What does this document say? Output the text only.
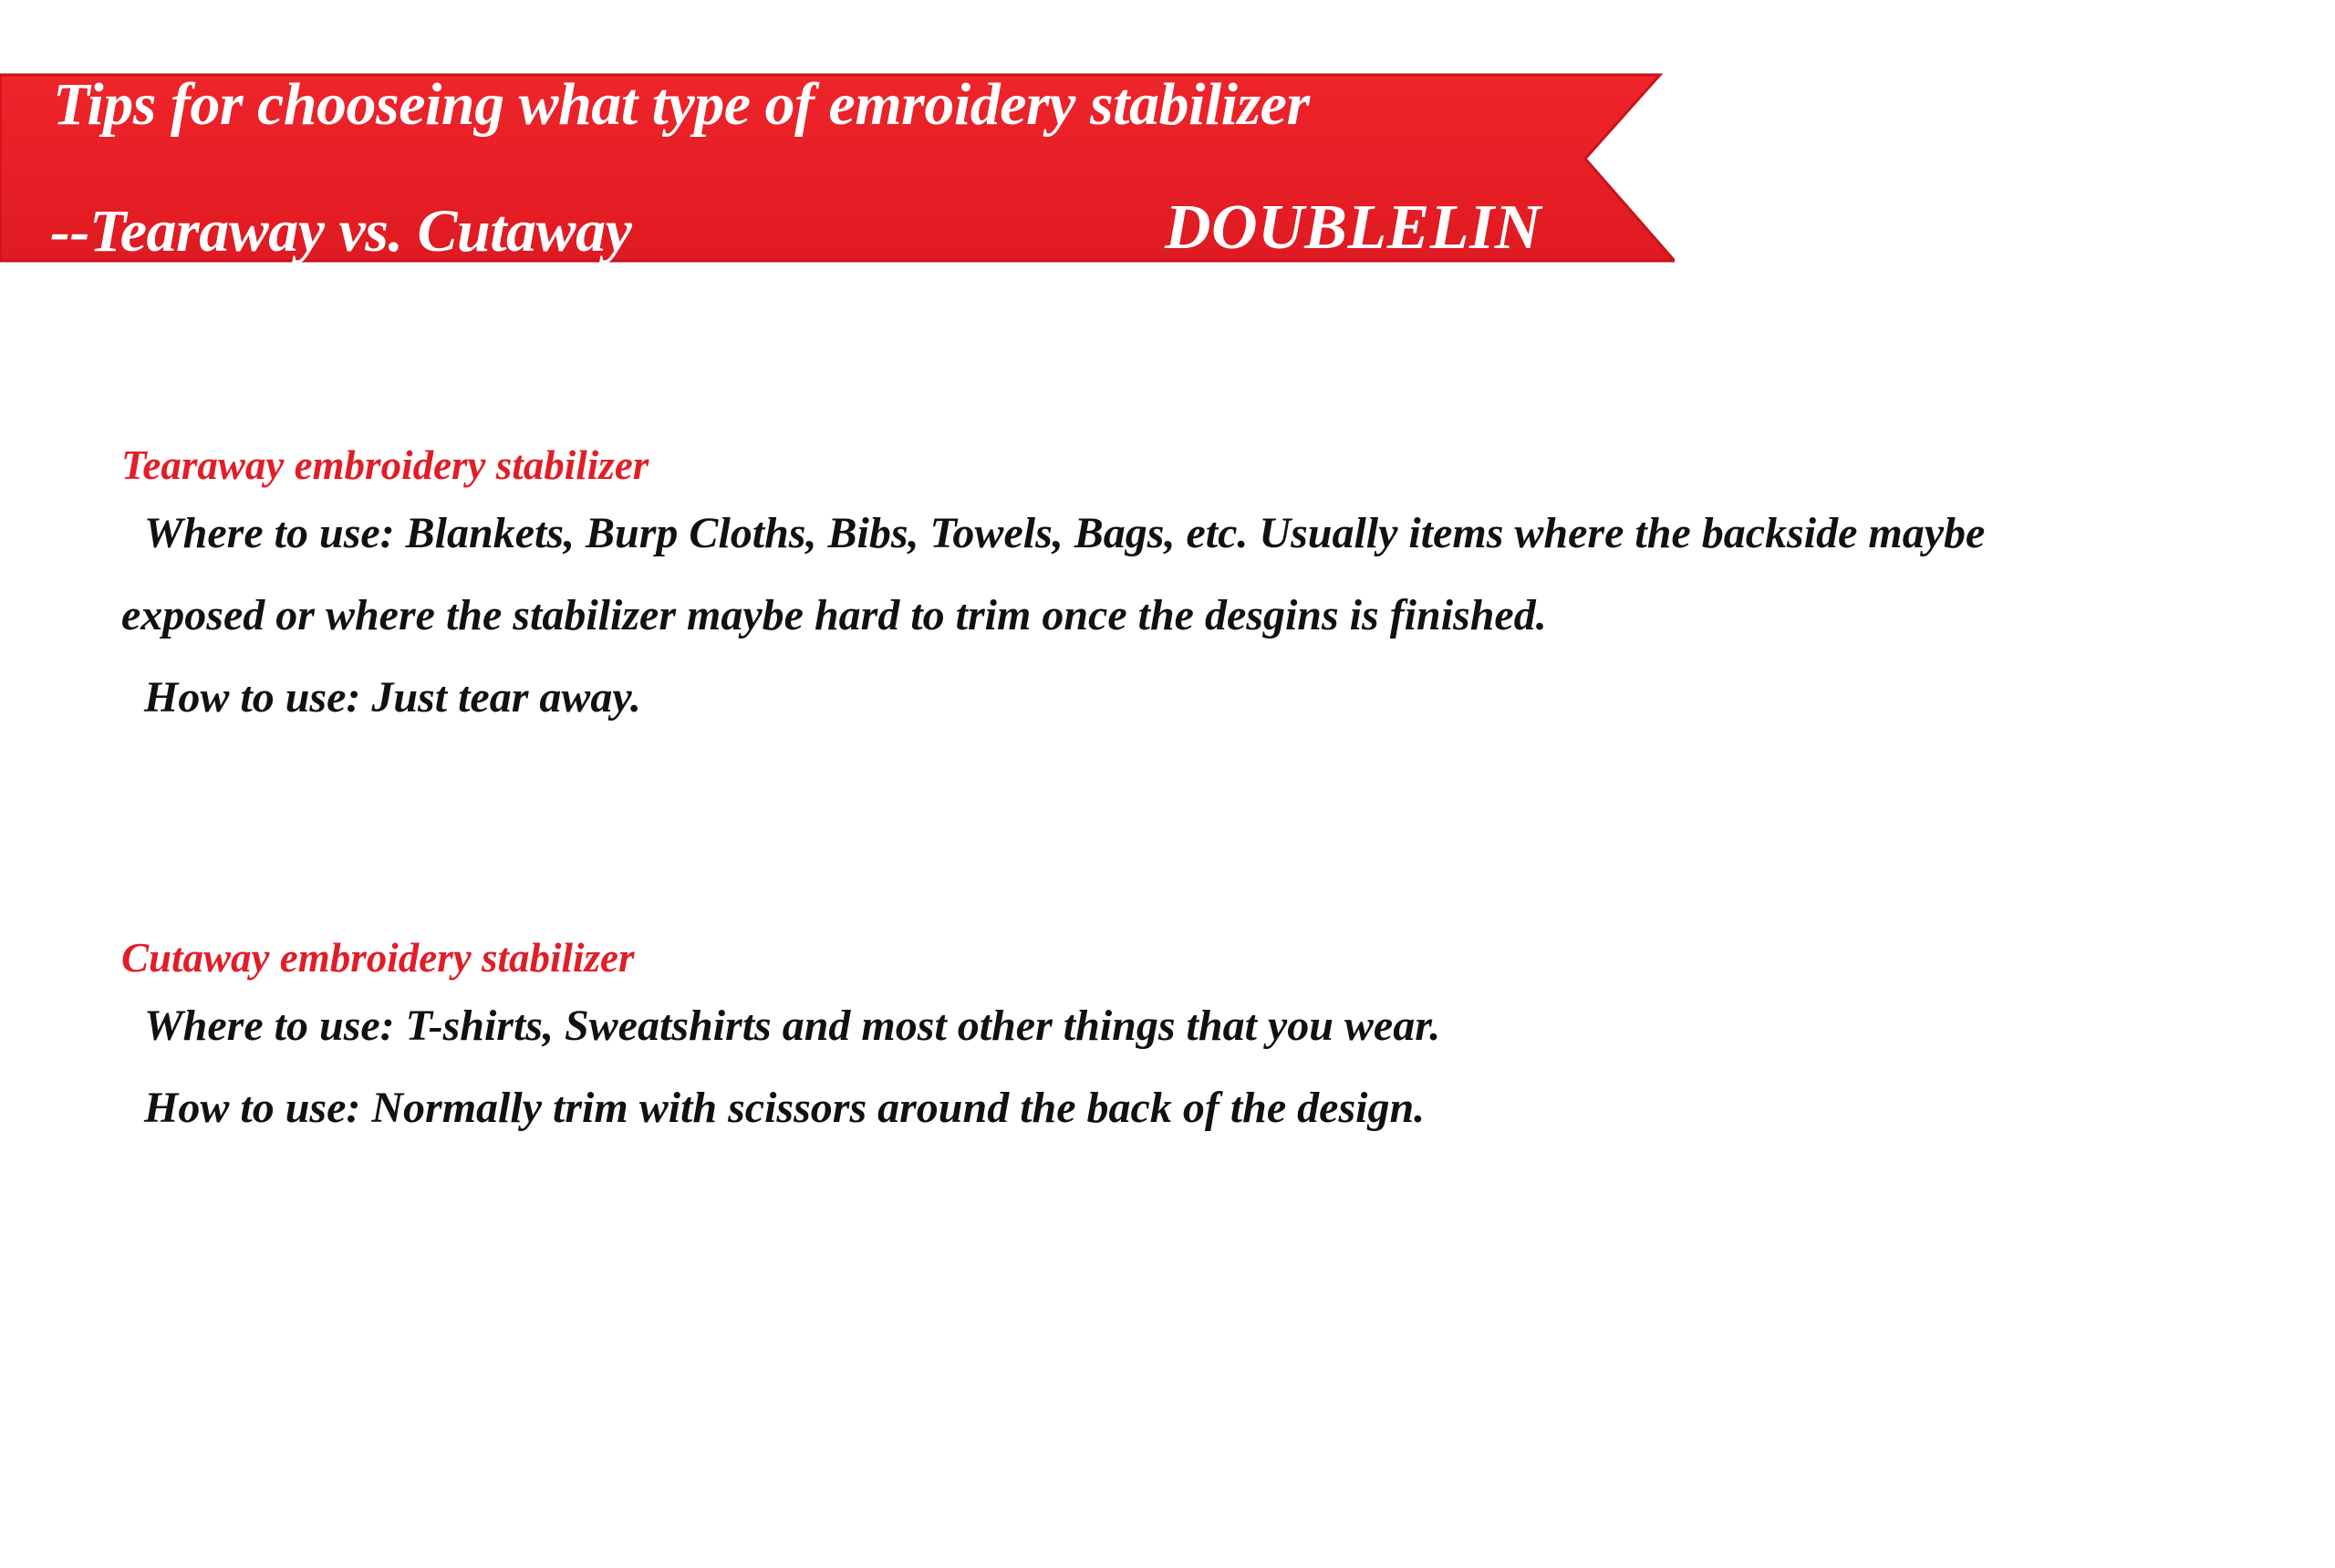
Tips for chooseing what type of emroidery stabilizer
--Tearaway vs. Cutaway	DOUBLELIN

Tearaway embroidery stabilizer

Where to use: Blankets, Burp Cloths, Bibs, Towels, Bags, etc. Usually items where the backside maybe

exposed or where the stabilizer maybe hard to trim once the desgins is finished.

How to use: Just tear away.

Cutaway embroidery stabilizer

Where to use: T-shirts, Sweatshirts and most other things that you wear.

How to use: Normally trim with scissors around the back of the design.
